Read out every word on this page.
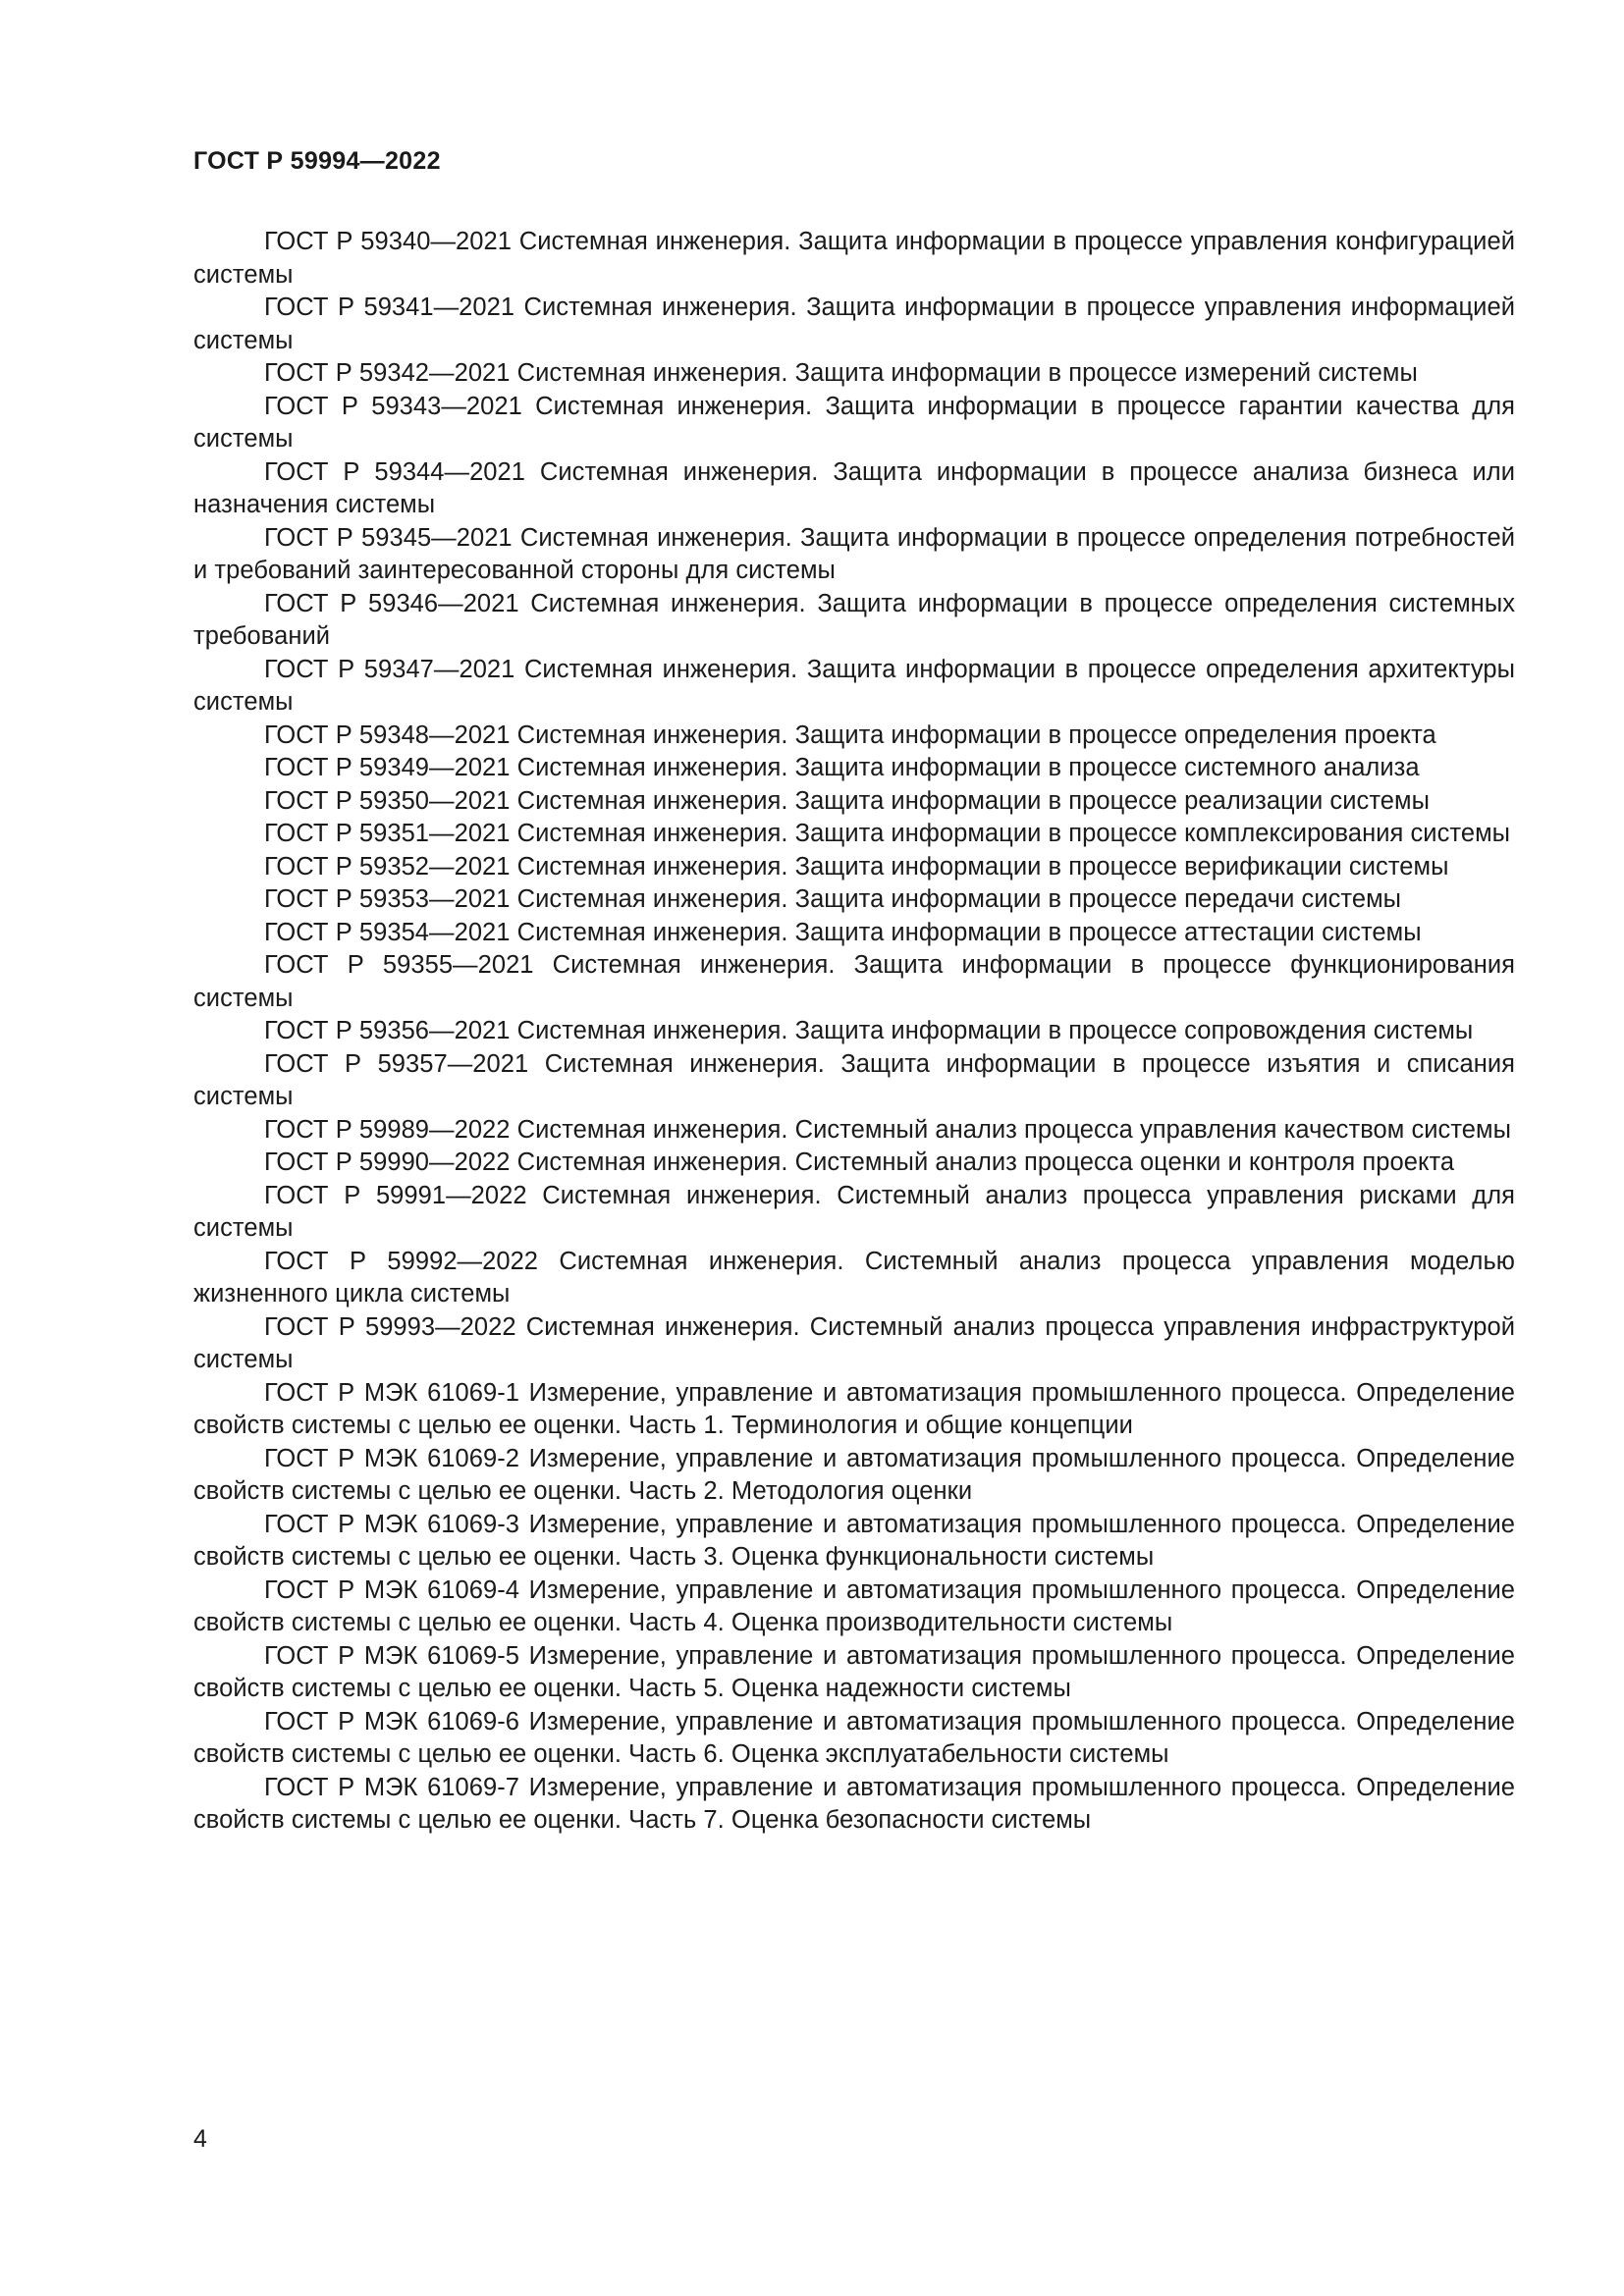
ГОСТ Р 59994—2022

ГОСТ Р 59340—2021 Системная инженерия. Защита информации в процессе управления конфигурацией системы

ГОСТ Р 59341—2021 Системная инженерия. Защита информации в процессе управления информацией системы

ГОСТ Р 59342—2021 Системная инженерия. Защита информации в процессе измерений системы

ГОСТ Р 59343—2021 Системная инженерия. Защита информации в процессе гарантии качества для системы

ГОСТ Р 59344—2021 Системная инженерия. Защита информации в процессе анализа бизнеса или назначения системы

ГОСТ Р 59345—2021 Системная инженерия. Защита информации в процессе определения потребностей и требований заинтересованной стороны для системы

ГОСТ Р 59346—2021 Системная инженерия. Защита информации в процессе определения системных требований

ГОСТ Р 59347—2021 Системная инженерия. Защита информации в процессе определения архитектуры системы

ГОСТ Р 59348—2021 Системная инженерия. Защита информации в процессе определения проекта

ГОСТ Р 59349—2021 Системная инженерия. Защита информации в процессе системного анализа

ГОСТ Р 59350—2021 Системная инженерия. Защита информации в процессе реализации системы

ГОСТ Р 59351—2021 Системная инженерия. Защита информации в процессе комплексирования системы

ГОСТ Р 59352—2021 Системная инженерия. Защита информации в процессе верификации системы

ГОСТ Р 59353—2021 Системная инженерия. Защита информации в процессе передачи системы

ГОСТ Р 59354—2021 Системная инженерия. Защита информации в процессе аттестации системы

ГОСТ Р 59355—2021 Системная инженерия. Защита информации в процессе функционирования системы

ГОСТ Р 59356—2021 Системная инженерия. Защита информации в процессе сопровождения системы

ГОСТ Р 59357—2021 Системная инженерия. Защита информации в процессе изъятия и списания системы

ГОСТ Р 59989—2022 Системная инженерия. Системный анализ процесса управления качеством системы

ГОСТ Р 59990—2022 Системная инженерия. Системный анализ процесса оценки и контроля проекта

ГОСТ Р 59991—2022 Системная инженерия. Системный анализ процесса управления рисками для системы

ГОСТ Р 59992—2022 Системная инженерия. Системный анализ процесса управления моделью жизненного цикла системы

ГОСТ Р 59993—2022 Системная инженерия. Системный анализ процесса управления инфраструктурой системы

ГОСТ Р МЭК 61069-1 Измерение, управление и автоматизация промышленного процесса. Определение свойств системы с целью ее оценки. Часть 1. Терминология и общие концепции

ГОСТ Р МЭК 61069-2 Измерение, управление и автоматизация промышленного процесса. Определение свойств системы с целью ее оценки. Часть 2. Методология оценки

ГОСТ Р МЭК 61069-3 Измерение, управление и автоматизация промышленного процесса. Определение свойств системы с целью ее оценки. Часть 3. Оценка функциональности системы

ГОСТ Р МЭК 61069-4 Измерение, управление и автоматизация промышленного процесса. Определение свойств системы с целью ее оценки. Часть 4. Оценка производительности системы

ГОСТ Р МЭК 61069-5 Измерение, управление и автоматизация промышленного процесса. Определение свойств системы с целью ее оценки. Часть 5. Оценка надежности системы

ГОСТ Р МЭК 61069-6 Измерение, управление и автоматизация промышленного процесса. Определение свойств системы с целью ее оценки. Часть 6. Оценка эксплуатабельности системы

ГОСТ Р МЭК 61069-7 Измерение, управление и автоматизация промышленного процесса. Определение свойств системы с целью ее оценки. Часть 7. Оценка безопасности системы

4
